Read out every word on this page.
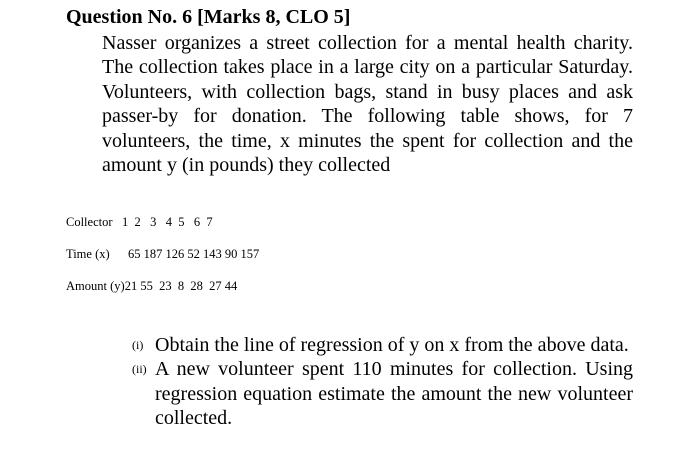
Question No. 6 [Marks 8, CLO 5]

Nasser organizes a street collection for a mental health charity. The collection takes place in a large city on a particular Saturday. Volunteers, with collection bags, stand in busy places and ask passer-by for donation. The following table shows, for 7 volunteers, the time, x minutes the spent for collection and the amount y (in pounds) they collected

Collector 1  2   3   4  5   6  7
Time (x) 65 187 126 52 143 90 157
Amount (y)21 55  23  8  28  27 44
(i) Obtain the line of regression of y on x from the above data.
(ii) A new volunteer spent 110 minutes for collection. Using regression equation estimate the amount the new volunteer collected.
